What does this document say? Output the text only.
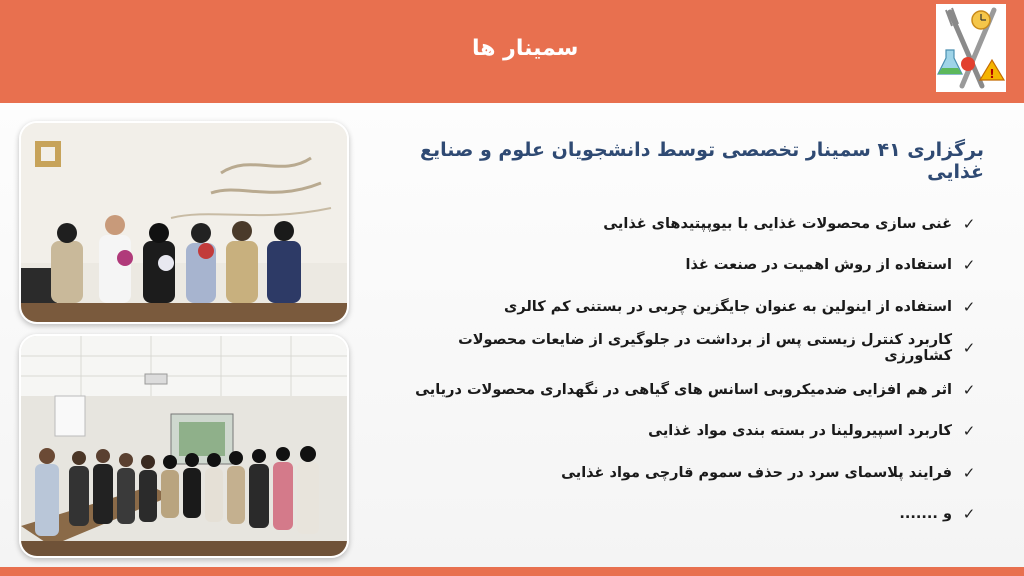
سمینار ها
!
برگزاری ۴۱ سمینار تخصصی توسط دانشجویان علوم و صنایع غذایی
✓
غنی سازی محصولات غذایی با بیوپپتیدهای غذایی
✓
استفاده از روش اهمیت در صنعت غذا
✓
استفاده از اینولین به عنوان جایگزین چربی در بستنی کم کالری
✓
کاربرد کنترل زیستی پس از برداشت در جلوگیری از ضایعات محصولات کشاورزی
✓
اثر هم افزایی ضدمیکروبی اسانس های گیاهی در نگهداری محصولات دریایی
✓
کاربرد اسپیرولینا در بسته بندی مواد غذایی
✓
فرایند پلاسمای سرد در حذف سموم قارچی مواد غذایی
✓
و .......
